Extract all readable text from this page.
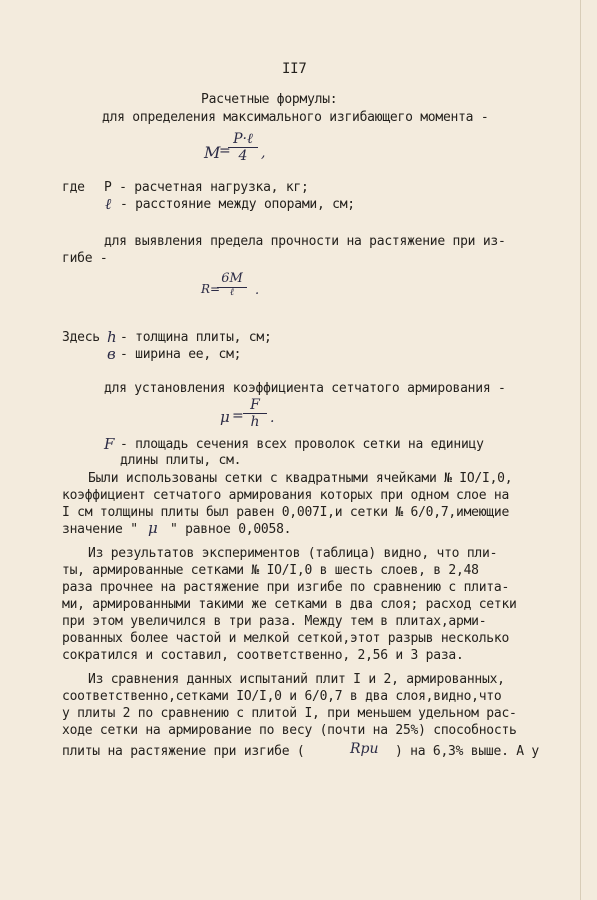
II7
Расчетные формулы:
для определения максимального изгибающего момента -
M
=
P·ℓ
4 ,
где P - расчетная нагрузка, кг;
ℓ - расстояние между опорами, см;
для выявления предела прочности на растяжение при из-
гибе -
R =
6M
ℓ	.
Здесь h - толщина плиты, см;
в - ширина ее, см;
для установления коэффициента сетчатого армирования -
μ =
F
h .
F - площадь сечения всех проволок сетки на единицу
длины плиты, см.
Были использованы сетки с квадратными ячейками № IO/I,0,
коэффициент сетчатого армирования которых при одном слое на
I см толщины плиты был равен 0,007I,и сетки № 6/0,7,имеющие
значение " μ " равное 0,0058.
Из результатов экспериментов (таблица) видно, что пли-
ты, армированные сетками № IO/I,0 в шесть слоев, в 2,48
раза прочнее на растяжение при изгибе по сравнению с плита-
ми, армированными такими же сетками в два слоя; расход сетки
при этом увеличился в три раза. Между тем в плитах,арми-
рованных более частой и мелкой сеткой,этот разрыв несколько
сократился и составил, соответственно, 2,56 и 3 раза.
Из сравнения данных испытаний плит I и 2, армированных,
соответственно,сетками IO/I,0 и 6/0,7 в два слоя,видно,что
у плиты 2 по сравнению с плитой I, при меньшем удельном рас-
ходе сетки на армирование по весу (почти на 25%) способность
плиты на растяжение при изгибе (	Rpu ) на 6,3% выше. А у
